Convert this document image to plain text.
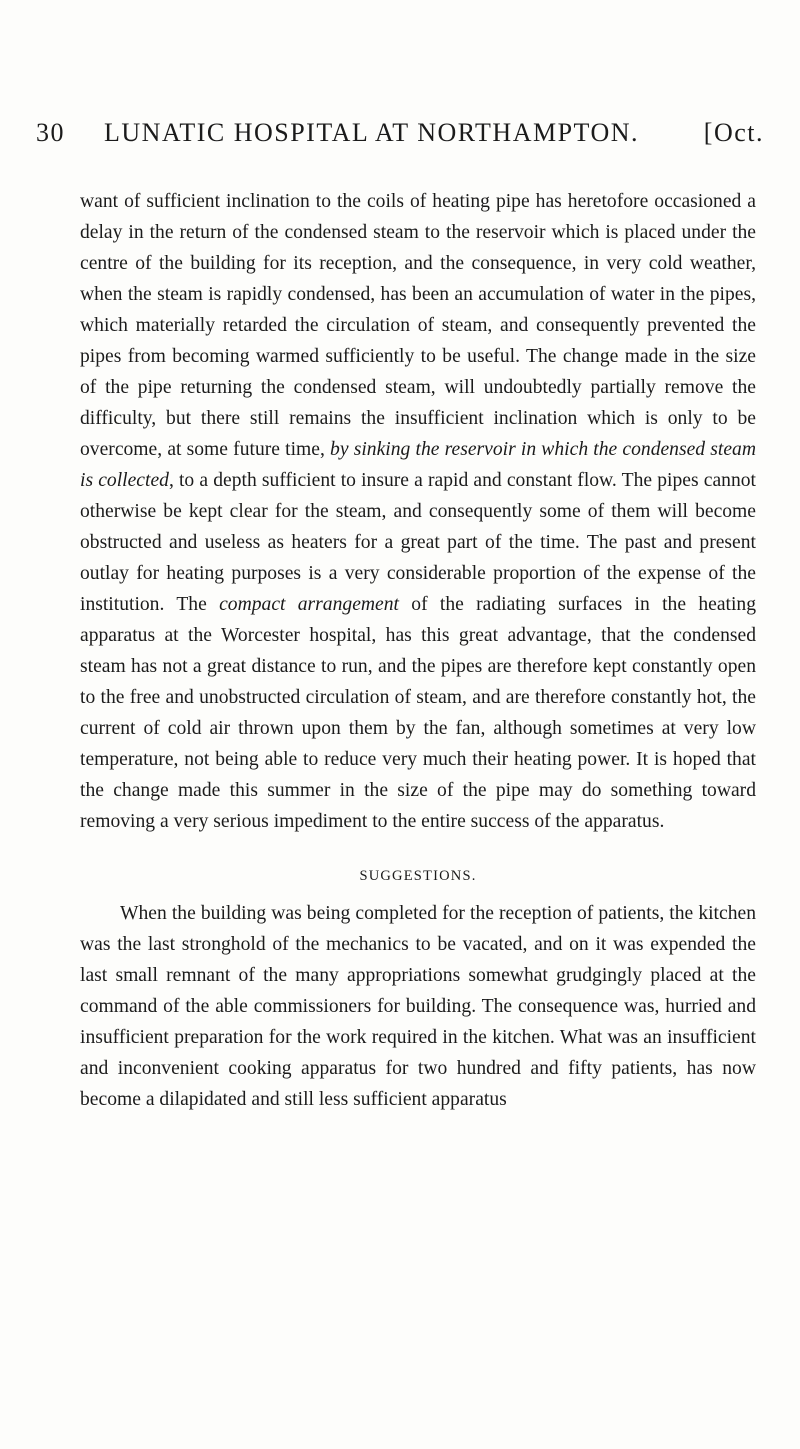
30 LUNATIC HOSPITAL AT NORTHAMPTON. [Oct.

want of sufficient inclination to the coils of heating pipe has heretofore occasioned a delay in the return of the condensed steam to the reservoir which is placed under the centre of the building for its reception, and the consequence, in very cold weather, when the steam is rapidly condensed, has been an accumulation of water in the pipes, which materially retarded the circulation of steam, and consequently prevented the pipes from becoming warmed sufficiently to be useful. The change made in the size of the pipe returning the condensed steam, will undoubtedly partially remove the difficulty, but there still remains the insufficient inclination which is only to be overcome, at some future time, by sinking the reservoir in which the condensed steam is collected, to a depth sufficient to insure a rapid and constant flow. The pipes cannot otherwise be kept clear for the steam, and consequently some of them will become obstructed and useless as heaters for a great part of the time. The past and present outlay for heating purposes is a very considerable proportion of the expense of the institution. The compact arrangement of the radiating surfaces in the heating apparatus at the Worcester hospital, has this great advantage, that the condensed steam has not a great distance to run, and the pipes are therefore kept constantly open to the free and unobstructed circulation of steam, and are therefore constantly hot, the current of cold air thrown upon them by the fan, although sometimes at very low temperature, not being able to reduce very much their heating power. It is hoped that the change made this summer in the size of the pipe may do something toward removing a very serious impediment to the entire success of the apparatus.

SUGGESTIONS.

When the building was being completed for the reception of patients, the kitchen was the last stronghold of the mechanics to be vacated, and on it was expended the last small remnant of the many appropriations somewhat grudgingly placed at the command of the able commissioners for building. The consequence was, hurried and insufficient preparation for the work required in the kitchen. What was an insufficient and inconvenient cooking apparatus for two hundred and fifty patients, has now become a dilapidated and still less sufficient apparatus
